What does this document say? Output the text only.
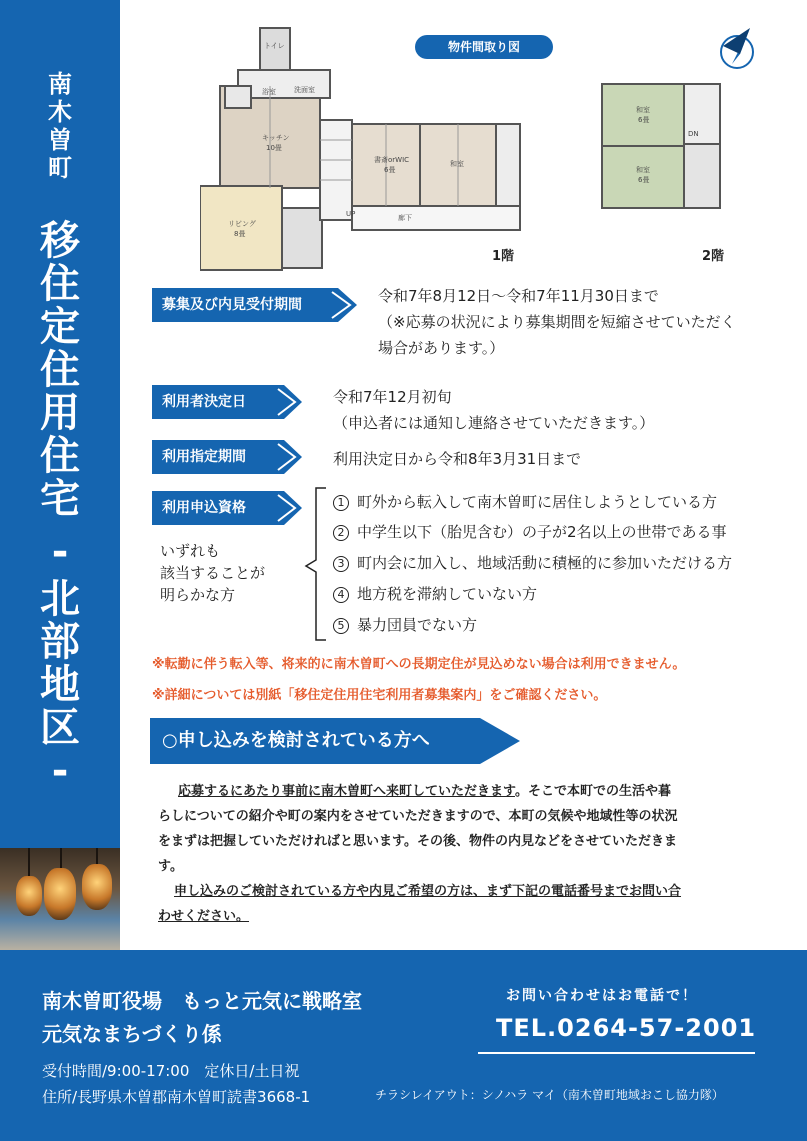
南
木
曽
町
移
住
定
住
用
住
宅
-
北
部
地
区
-
キッチン
10畳
リビング
8畳
書斎orWIC
6畳
和室
浴室	洗面室
トイレ
廊下
UP
和室
6畳
和室
6畳
DN
物件間取り図
1階	2階
募集及び内見受付期間	令和7年8月12日〜令和7年11月30日まで
（※応募の状況により募集期間を短縮させていただく
場合があります。）
利用者決定日	令和7年12月初旬
（申込者には通知し連絡させていただきます。）
利用指定期間	利用決定日から令和8年3月31日まで
利用申込資格
いずれも
該当することが
明らかな方
1 町外から転入して南木曽町に居住しようとしている方
2 中学生以下（胎児含む）の子が2名以上の世帯である事
3 町内会に加入し、地域活動に積極的に参加いただける方
4 地方税を滞納していない方
5 暴力団員でない方
※転勤に伴う転入等、将来的に南木曽町への長期定住が見込めない場合は利用できません。
※詳細については別紙「移住定住用住宅利用者募集案内」をご確認ください。
○申し込みを検討されている方へ
応募するにあたり事前に南木曽町へ来町していただきます。そこで本町での生活や暮
らしについての紹介や町の案内をさせていただきますので、本町の気候や地域性等の状況
をまずは把握していただければと思います。その後、物件の内見などをさせていただきま
す。
申し込みのご検討されている方や内見ご希望の方は、まず下記の電話番号までお問い合
わせください。
南木曽町役場　もっと元気に戦略室
元気なまちづくり係
受付時間/9:00-17:00　定休日/土日祝
住所/長野県木曽郡南木曽町読書3668-1
お問い合わせはお電話で！
TEL.0264-57-2001
チラシレイアウト：シノハラ マイ（南木曽町地域おこし協力隊）
